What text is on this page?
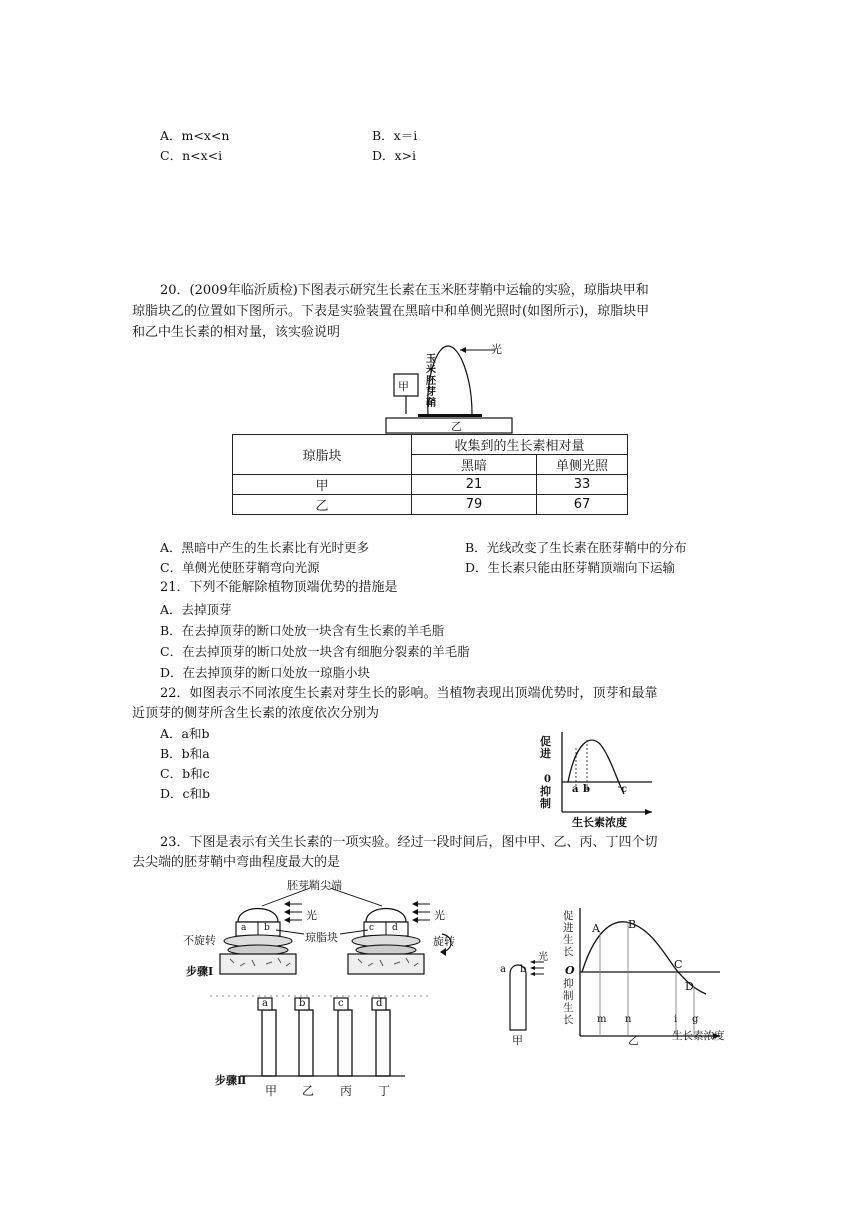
A．m<x<n	B．x＝i
C．n<x<i	D．x>i
20．(2009年临沂质检)下图表示研究生长素在玉米胚芽鞘中运输的实验，琼脂块甲和
琼脂块乙的位置如下图所示。下表是实验装置在黑暗中和单侧光照时(如图所示)，琼脂块甲
和乙中生长素的相对量，该实验说明
光
甲
乙
玉
米
胚
芽
鞘
琼脂块	收集到的生长素相对量	
	黑暗	单侧光照
甲	21	33
乙	79	67
A．黑暗中产生的生长素比有光时更多	B．光线改变了生长素在胚芽鞘中的分布
C．单侧光使胚芽鞘弯向光源	D．生长素只能由胚芽鞘顶端向下运输
21．下列不能解除植物顶端优势的措施是
A．去掉顶芽
B．在去掉顶芽的断口处放一块含有生长素的羊毛脂
C．在去掉顶芽的断口处放一块含有细胞分裂素的羊毛脂
D．在去掉顶芽的断口处放一琼脂小块
22．如图表示不同浓度生长素对芽生长的影响。当植物表现出顶端优势时，顶芽和最靠
近顶芽的侧芽所含生长素的浓度依次分别为
A．a和b
B．b和a
C．b和c
D．c和b
促进
0
抑制
a b	c
生长素浓度
23．下图是表示有关生长素的一项实验。经过一段时间后，图中甲、乙、丙、丁四个切
去尖端的胚芽鞘中弯曲程度最大的是
胚芽鞘尖端
光	光
琼脂块
不旋转	旋转
步骤Ⅰ
a b	c d
a	b	c	d
步骤Ⅱ
甲 乙 丙 丁
光
a b
甲
促进生长
O
抑制生长
A	B
C
D
m n	i g
乙	生长素浓度
